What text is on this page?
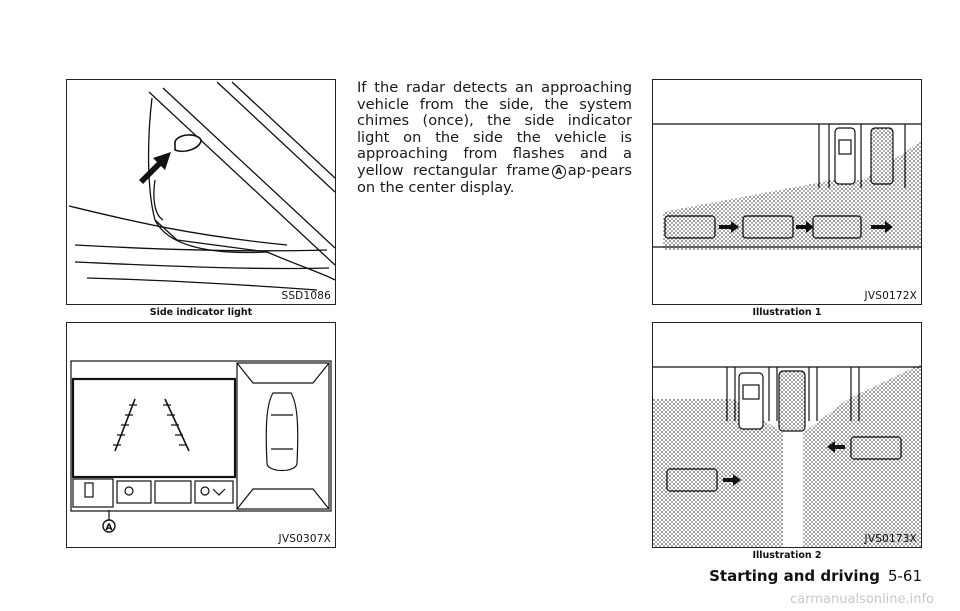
SSD1086
Side indicator light
A
JVS0307X
If the radar detects an approaching vehicle from the side, the system chimes (once), the side indicator light on the side the vehicle is approaching from flashes and a yellow rectangular frame A ap-pears on the center display.
JVS0172X
Illustration 1
JVS0173X
Illustration 2
Starting and driving 5-61
carmanualsonline.info
